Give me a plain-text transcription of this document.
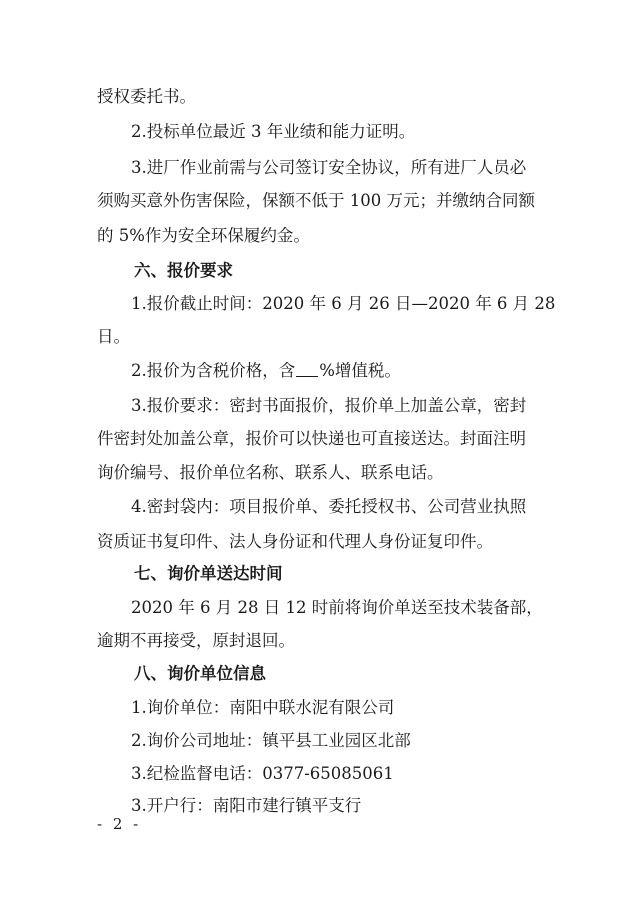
授权委托书。
2.投标单位最近 3 年业绩和能力证明。
3.进厂作业前需与公司签订安全协议，所有进厂人员必
须购买意外伤害保险，保额不低于 100 万元；并缴纳合同额
的 5%作为安全环保履约金。
六、报价要求
1.报价截止时间：2020 年 6 月 26 日—2020 年 6 月 28
日。
2.报价为含税价格，含 %增值税。
3.报价要求：密封书面报价，报价单上加盖公章，密封
件密封处加盖公章，报价可以快递也可直接送达。封面注明
询价编号、报价单位名称、联系人、联系电话。
4.密封袋内：项目报价单、委托授权书、公司营业执照
资质证书复印件、法人身份证和代理人身份证复印件。
七、询价单送达时间
2020 年 6 月 28 日 12 时前将询价单送至技术装备部，
逾期不再接受，原封退回。
八、询价单位信息
1.询价单位：南阳中联水泥有限公司
2.询价公司地址：镇平县工业园区北部
3.纪检监督电话：0377-65085061
3.开户行：南阳市建行镇平支行
- 2 -
